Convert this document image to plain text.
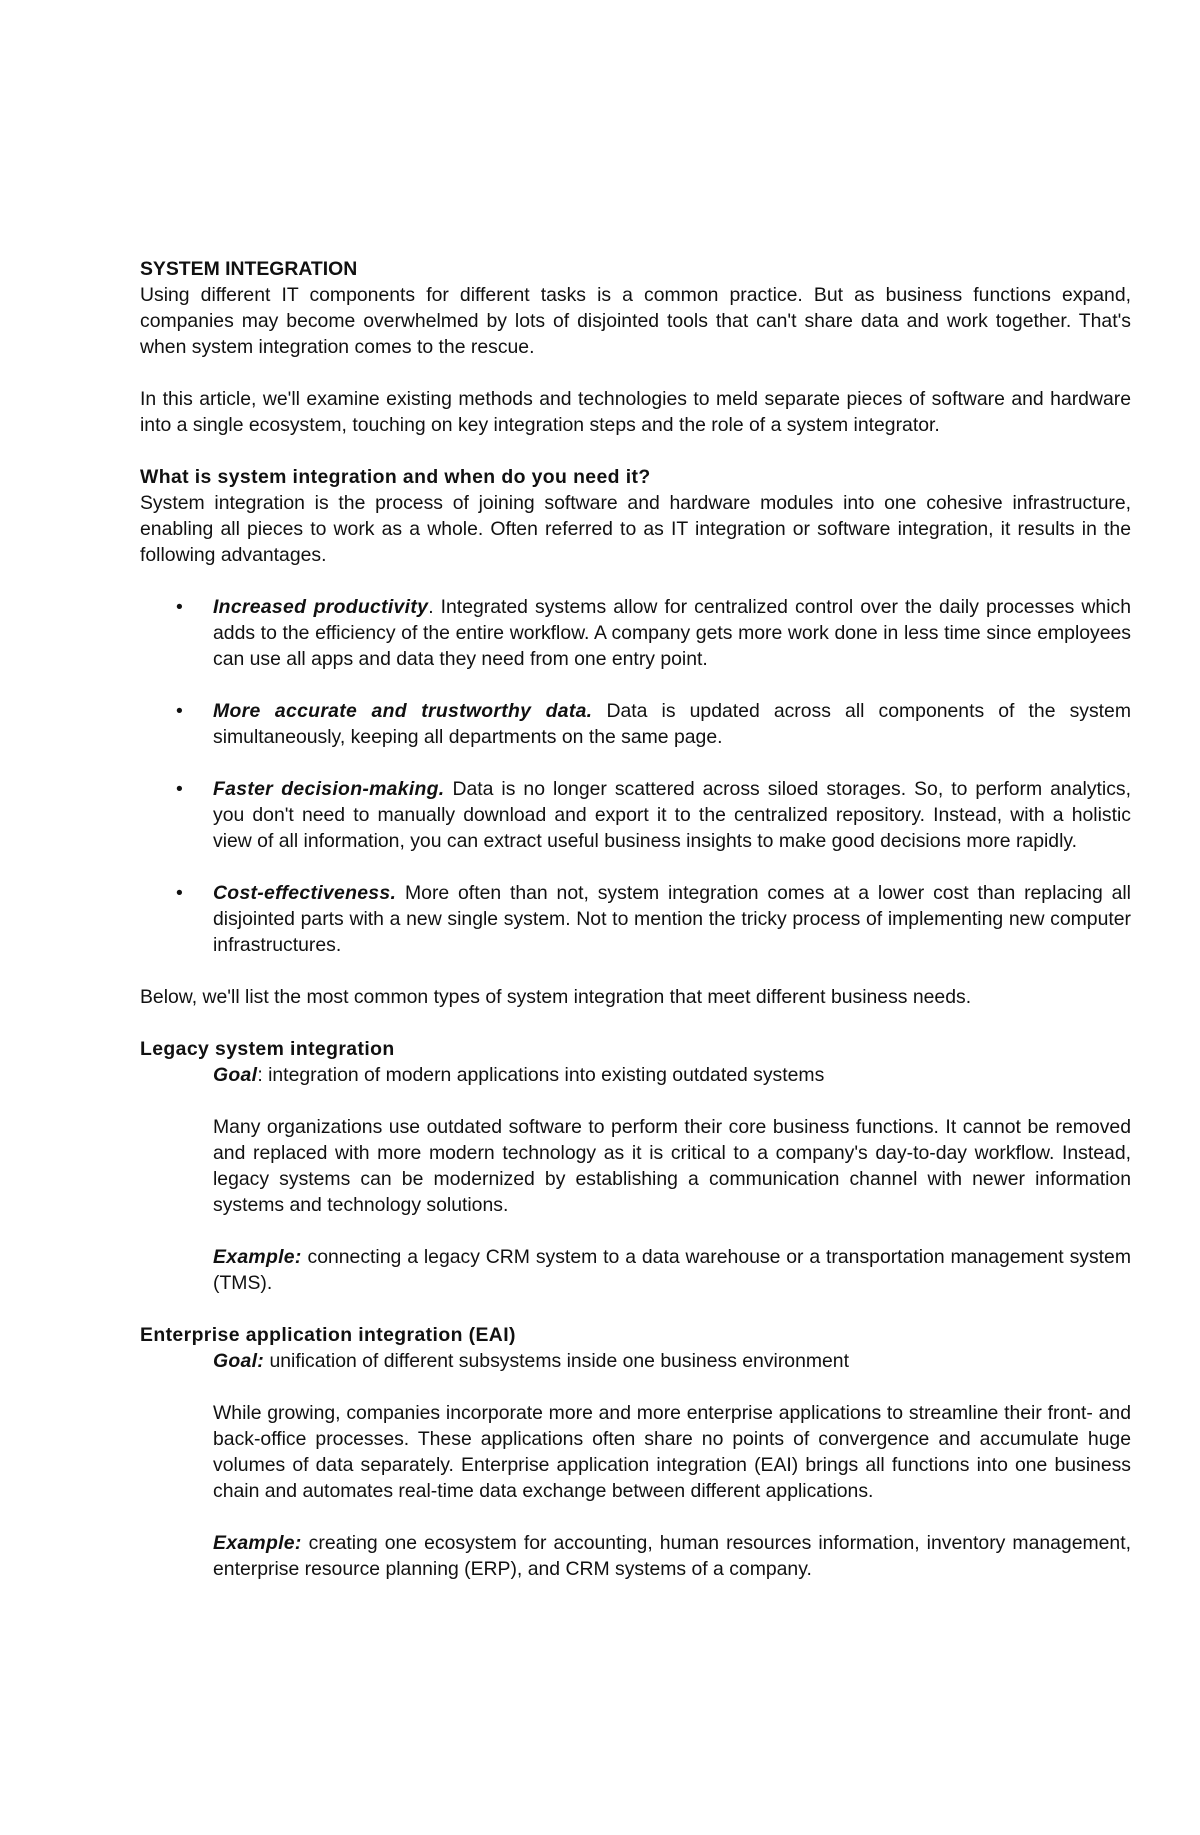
SYSTEM INTEGRATION

Using different IT components for different tasks is a common practice. But as business functions expand, companies may become overwhelmed by lots of disjointed tools that can't share data and work together. That's when system integration comes to the rescue.

In this article, we'll examine existing methods and technologies to meld separate pieces of software and hardware into a single ecosystem, touching on key integration steps and the role of a system integrator.

What is system integration and when do you need it?

System integration is the process of joining software and hardware modules into one cohesive infrastructure, enabling all pieces to work as a whole. Often referred to as IT integration or software integration, it results in the following advantages.

• Increased productivity. Integrated systems allow for centralized control over the daily processes which adds to the efficiency of the entire workflow. A company gets more work done in less time since employees can use all apps and data they need from one entry point.
• More accurate and trustworthy data. Data is updated across all components of the system simultaneously, keeping all departments on the same page.
• Faster decision-making. Data is no longer scattered across siloed storages. So, to perform analytics, you don't need to manually download and export it to the centralized repository. Instead, with a holistic view of all information, you can extract useful business insights to make good decisions more rapidly.
• Cost-effectiveness. More often than not, system integration comes at a lower cost than replacing all disjointed parts with a new single system. Not to mention the tricky process of implementing new computer infrastructures.

Below, we'll list the most common types of system integration that meet different business needs.

Legacy system integration

Goal: integration of modern applications into existing outdated systems

Many organizations use outdated software to perform their core business functions. It cannot be removed and replaced with more modern technology as it is critical to a company's day-to-day workflow. Instead, legacy systems can be modernized by establishing a communication channel with newer information systems and technology solutions.

Example: connecting a legacy CRM system to a data warehouse or a transportation management system (TMS).

Enterprise application integration (EAI)

Goal: unification of different subsystems inside one business environment

While growing, companies incorporate more and more enterprise applications to streamline their front- and back-office processes. These applications often share no points of convergence and accumulate huge volumes of data separately. Enterprise application integration (EAI) brings all functions into one business chain and automates real-time data exchange between different applications.

Example: creating one ecosystem for accounting, human resources information, inventory management, enterprise resource planning (ERP), and CRM systems of a company.
